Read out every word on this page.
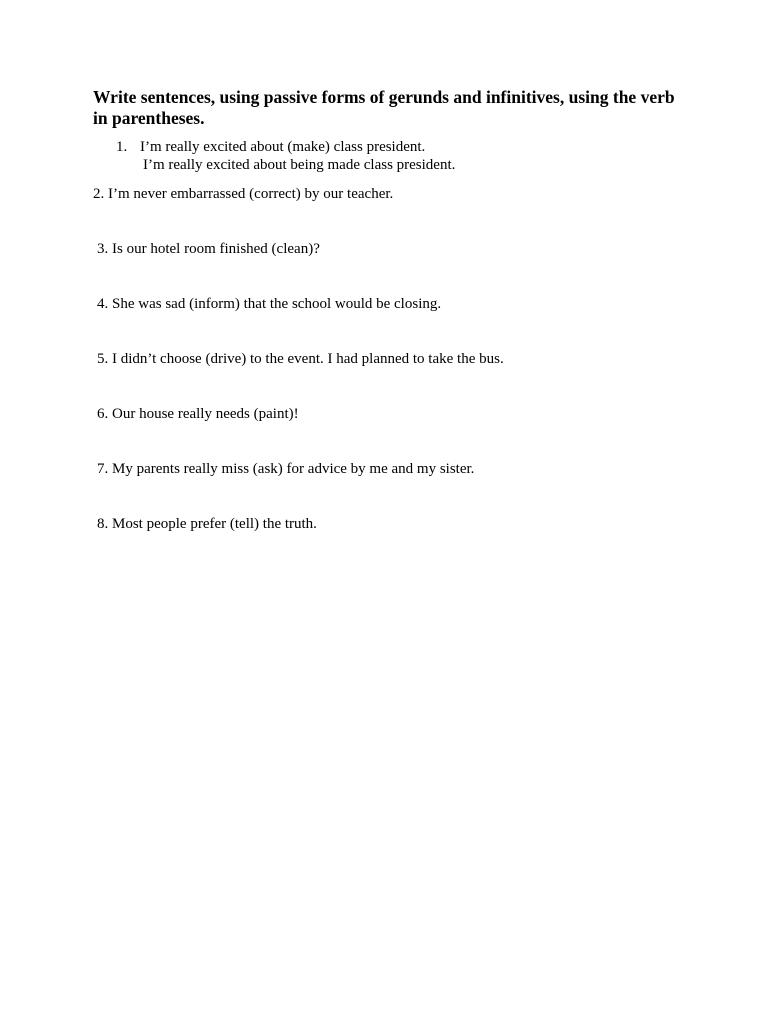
Write sentences, using passive forms of gerunds and infinitives, using the verb in parentheses.

1. I’m really excited about (make) class president.
I’m really excited about being made class president.

2. I’m never embarrassed (correct) by our teacher.

3. Is our hotel room finished (clean)?

4. She was sad (inform) that the school would be closing.

5. I didn’t choose (drive) to the event. I had planned to take the bus.

6. Our house really needs (paint)!

7. My parents really miss (ask) for advice by me and my sister.

8. Most people prefer (tell) the truth.
